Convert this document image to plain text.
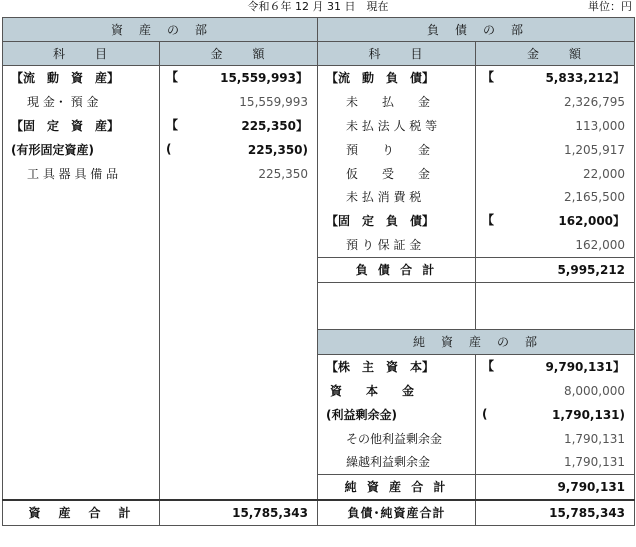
令和６年 12 月 31 日　現在	単位：円
資　産　の　部		負　債　の　部	
科　　目	金　　額	科　　目	金　　額
【流　動　資　産】	【 15,559,993】	【流　動　負　債】	【 5,833,212】
現 金・ 預 金	15,559,993	未　　払　　金	2,326,795
【固　定　資　産】	【 225,350】	未 払 法 人 税 等	113,000
(有形固定資産)	( 225,350)	預　　り　　金	1,205,917
工 具 器 具 備 品	225,350	仮　　受　　金	22,000
		未 払 消 費 税	2,165,500
		【固　定　負　債】	【 162,000】
		預 り 保 証 金	162,000
		負 債 合 計	5,995,212

		純　資　産　の　部	
		【株　主　資　本】	【 9,790,131】
		資　　本　　金	8,000,000
		(利益剰余金)	( 1,790,131)
		その他利益剰余金	1,790,131
		繰越利益剰余金	1,790,131
		純 資 産 合 計	9,790,131
資　産　合　計	15,785,343	負債･純資産合計	15,785,343
